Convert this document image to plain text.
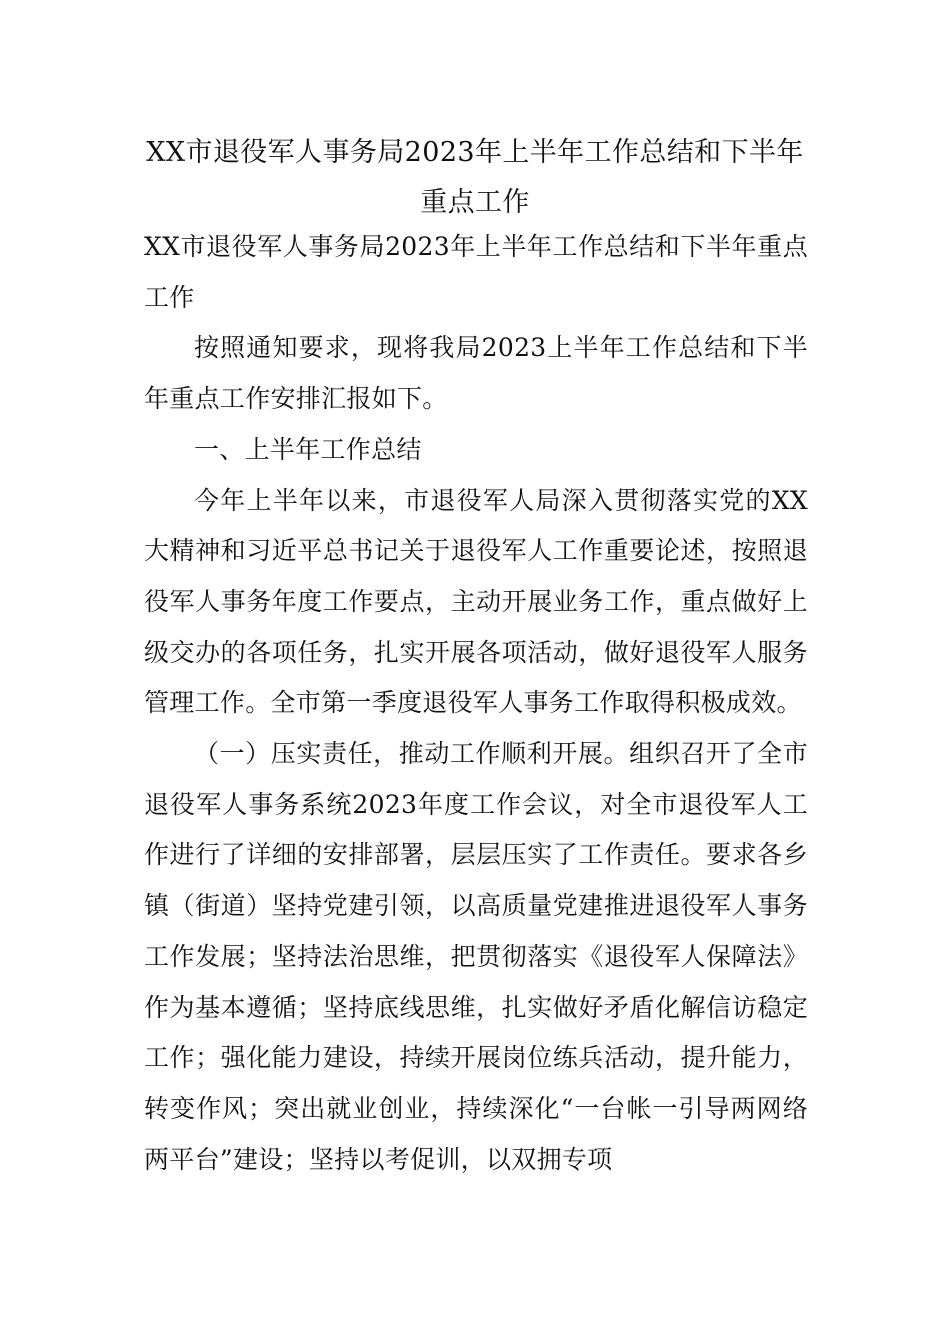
XX市退役军人事务局2023年上半年工作总结和下半年重点工作

XX市退役军人事务局2023年上半年工作总结和下半年重点工作

按照通知要求，现将我局2023上半年工作总结和下半年重点工作安排汇报如下。

一、上半年工作总结

今年上半年以来，市退役军人局深入贯彻落实党的XX大精神和习近平总书记关于退役军人工作重要论述，按照退役军人事务年度工作要点，主动开展业务工作，重点做好上级交办的各项任务，扎实开展各项活动，做好退役军人服务管理工作。全市第一季度退役军人事务工作取得积极成效。

（一）压实责任，推动工作顺利开展。组织召开了全市退役军人事务系统2023年度工作会议，对全市退役军人工作进行了详细的安排部署，层层压实了工作责任。要求各乡镇（街道）坚持党建引领，以高质量党建推进退役军人事务工作发展；坚持法治思维，把贯彻落实《退役军人保障法》作为基本遵循；坚持底线思维，扎实做好矛盾化解信访稳定工作；强化能力建设，持续开展岗位练兵活动，提升能力，转变作风；突出就业创业，持续深化“一台帐一引导两网络两平台”建设；坚持以考促训，以双拥专项
